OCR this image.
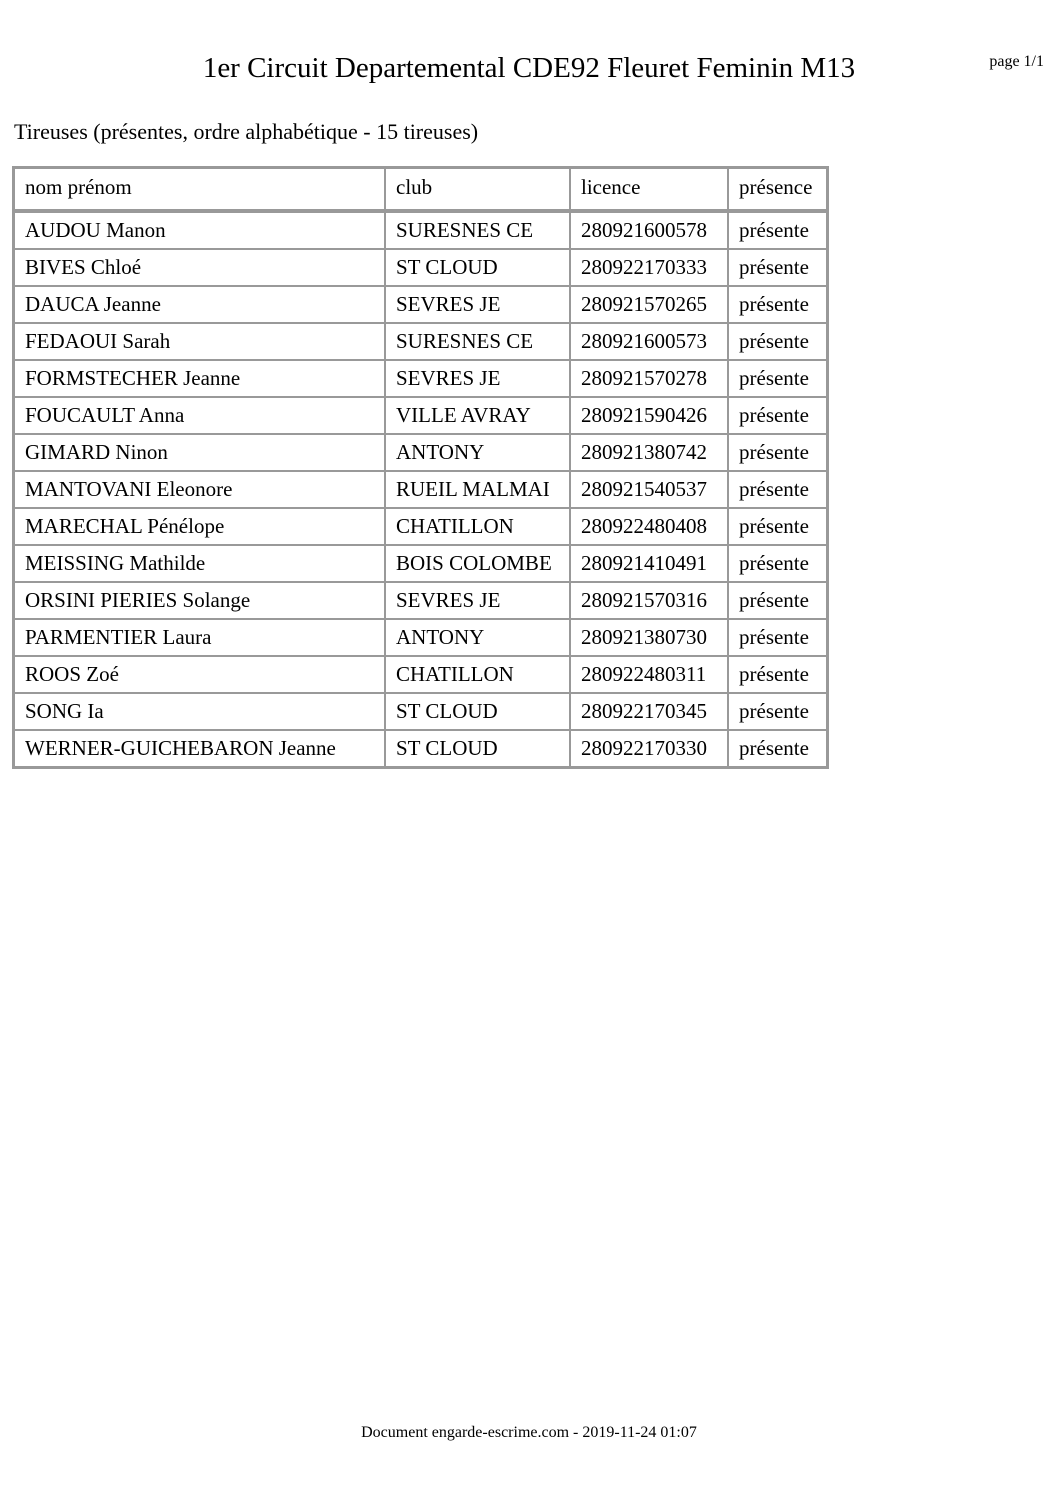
1er Circuit Departemental CDE92 Fleuret Feminin M13	page 1/1
Tireuses (présentes, ordre alphabétique - 15 tireuses)
nom prénom	club	licence	présence
AUDOU Manon	SURESNES CE	280921600578	présente
BIVES Chloé	ST CLOUD	280922170333	présente
DAUCA Jeanne	SEVRES JE	280921570265	présente
FEDAOUI Sarah	SURESNES CE	280921600573	présente
FORMSTECHER Jeanne	SEVRES JE	280921570278	présente
FOUCAULT Anna	VILLE AVRAY	280921590426	présente
GIMARD Ninon	ANTONY	280921380742	présente
MANTOVANI Eleonore	RUEIL MALMAI	280921540537	présente
MARECHAL Pénélope	CHATILLON	280922480408	présente
MEISSING Mathilde	BOIS COLOMBE	280921410491	présente
ORSINI PIERIES Solange	SEVRES JE	280921570316	présente
PARMENTIER Laura	ANTONY	280921380730	présente
ROOS Zoé	CHATILLON	280922480311	présente
SONG Ia	ST CLOUD	280922170345	présente
WERNER-GUICHEBARON Jeanne	ST CLOUD	280922170330	présente
Document engarde-escrime.com - 2019-11-24 01:07
